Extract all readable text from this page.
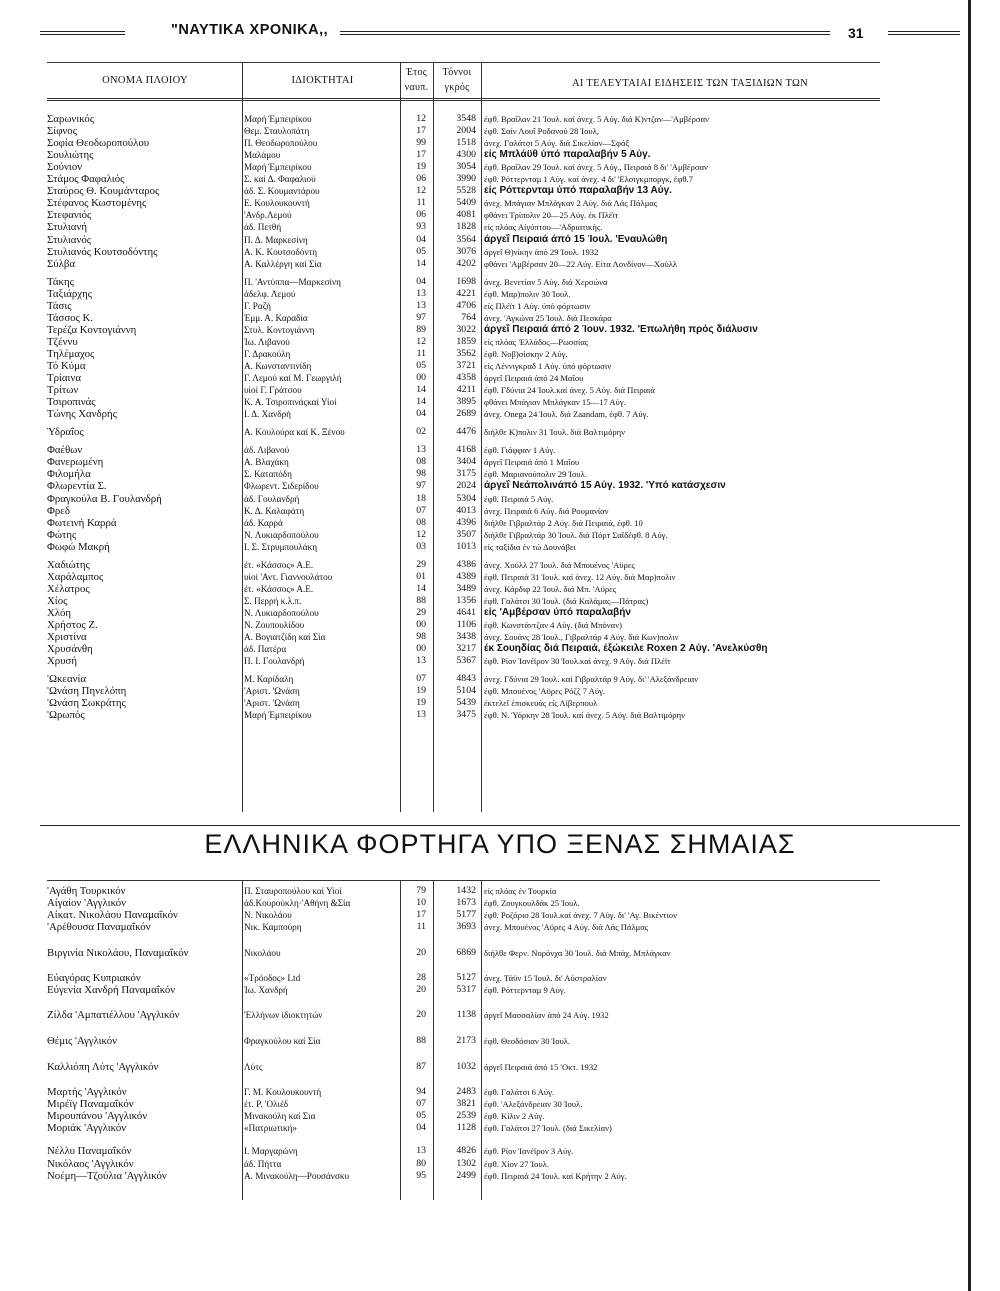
"ΝΑΥΤΙΚΑ ΧΡΟΝΙΚΑ,,	31
ΕΛΛΗΝΙΚΑ ΦΟΡΤΗΓΑ ΥΠΟ ΞΕΝΑΣ ΣΗΜΑΙΑΣ
ΟΝΟΜΑ ΠΛΟΙΟΥ	ΙΔΙΟΚΤΗΤΑΙ
Έτος
ναυπ.
Τόννοι
γκρός	ΑΙ ΤΕΛΕΥΤΑΙΑΙ ΕΙΔΗΣΕΙΣ ΤΩΝ ΤΑΞΙΔΙΩΝ ΤΩΝ
Σαρωνικός	Μαρή Έμπειρίκου	12	3548 έφθ. Βραΐλαν 21 Ίουλ. καί άνεχ. 5 Αύγ. διά Κ)ντζαν—'Αμβέρσαν
Σίφνος	Θεμ. Σταυλοπάτη	17	2004 έφθ. Σαίν Λουΐ Ροδανού 28 Ίουλ,
Σοφία Θεοδωροπούλου	Π. Θεοδωροπούλου	99	1518 άνεχ. Γαλάτσι 5 Αύγ. διά Σικελίαν—Σφάξ
Σουλιώτης	Μαλάμου	17	4300 είς Μπλάϋθ ύπό παραλαβήν 5 Αύγ.
Σούνιον	Μαρή Έμπειρίκου	19	3054 έφθ. Βραΐλαν 29 Ίουλ. καί άνεχ. 5 Αύγ., Πειραιά 8 δι' 'Αμβέρσαν
Στάμος Φαφαλιός	Σ. καί Δ. Φαφαλιού	06	3990 έφθ. Ρόττερνταμ 1 Αύγ. καί άνεχ. 4 δι' 'Ελσιγκμποργκ, έφθ.7
Σταύρος Θ. Κουμάνταρος	άδ. Σ. Κουμαντάρου	12	5528 είς Ρόττερνταμ ύπό παραλαβήν 13 Αύγ.
Στέφανος Κωστομένης	Ε. Κουλουκουντή	11	5409 άνεχ. Μπάγιαν Μπλάγκαν 2 Αύγ. διά Λάς Πάλμας
Στεφανιός	'Ανδρ.Λεμού	06	4081 φθάνει Τρίπολιν 20—25 Αύγ. έκ Πλέϊτ
Στυλιανή	άδ. Πετθή	93	1828 είς πλόας Αίγύπτου—'Αδριατικής.
Στυλιανός	Π. Δ. Μαρκεσίνη	04	3564 άργεΐ Πειραιά άπό 15 Ίουλ. 'Εναυλώθη
Στυλιανός Κουτσοδόντης	Α. Κ. Κουτσοδόντη	05	3076 άργεΐ Θ)νίκην άπό 29 Ίουλ. 1932
Σύλβα	Α. Καλλέργη καί Σία	14	4202 φθάνει 'Αμβέρσαν 20—22 Αύγ. Είτα Λονδίνον—Χούλλ
Τάκης	Π. 'Αντύππα—Μαρκεσίνη	04	1698 άνεχ. Βενετίαν 5 Αύγ. διά Χερσώνα
Ταξιάρχης	άδελφ. Λεμού	13	4221 έφθ. Μαρ)πολιν 30 Ίουλ.
Τάσις	Γ. Ραζή	13	4706 είς Πλέϊτ 1 Αύγ. ύπό φόρτωσιν
Τάσσος Κ.	Έμμ. Α. Καραδία	97	764 άνεχ. 'Αγκώνα 25 Ίουλ. διά Πεσκάρα
Τερέζα Κοντογιάννη	Στυλ. Κοντογιάννη	89	3022 άργεΐ Πειραιά άπό 2 Ίουν. 1932. 'Επωλήθη πρός διάλυσιν
Τζέννυ	Ίω. Λιβανού	12	1859 είς πλόας 'Ελλάδος—Ρωσσίας
Τηλέμαχος	Γ. Δρακούλη	11	3562 έφθ. Νοβ)σίσκην 2 Αύγ.
Τό Κύμα	Α. Κωνσταντινίδη	05	3721 είς Λέννιγκραδ 1 Αύγ. ύπό φόρτωσιν
Τρίαινα	Γ. Λεμού καί Μ. Γεωργιλή	00	4358 άργεΐ Πειραιά άπό 24 Μαΐου
Τρίτων	υίοί Γ. Γράτσου	14	4211 έφθ. Γδύνια 24 Ίουλ.καί άνεχ. 5 Αύγ. διά Πειραιά
Τσιροπινάς	Κ. Α. Τσιροπινάςκαί Υίοί	14	3895 φθάνει Μπάγιαν Μπλάγκαν 15—17 Αύγ.
Τώνης Χανδρής	Ι. Δ. Χανδρή	04	2689 άνεχ. Onega 24 Ίουλ. διά Zaandam, έφθ. 7 Αύγ.
Ύδραΐος	Α. Κουλούρα καί Κ. Ξένου	02	4476 διήλθε Κ)πολιν 31 Ίουλ. διά Βαλτιμόρην
Φαέθων	άδ. Λιβανού	13	4168 έφθ. Γιάφφαν 1 Αύγ.
Φανερωμένη	Α. Βλαχάκη	08	3404 άργεΐ Πειραιά άπό 1 Μαΐου
Φιλομήλα	Σ. Καταπόδη	98	3175 έφθ. Μαριανούπολιν 29 Ίουλ.
Φλωρεντία Σ.	Φλωρεντ. Σιδερίδου	97	2024 άργεΐ Νεάπολινάπό 15 Αύγ. 1932. 'Υπό κατάσχεσιν
Φραγκούλα Β. Γουλανδρή	άδ. Γουλανδρή	18	5304 έφθ. Πειραιά 5 Αύγ.
Φρεδ	Κ. Δ. Καλαφάτη	07	4013 άνεχ. Πειραιά 6 Αύγ. διά Ρουμανίαν
Φωτεινή Καρρά	άδ. Καρρά	08	4396 διήλθε Γιβραλτάρ 2 Αύγ. διά Πειραιά, έφθ. 10
Φώτης	Ν. Λυκιαρδοπούλου	12	3507 διήλθε Γιβραλτάρ 30 Ίουλ. διά Πόρτ Σαΐδέφθ. 8 Αύγ.
Φωφώ Μακρή	Ι. Σ. Στρυμπουλάκη	03	1013 είς ταξίδια έν τώ Δουνάβει
Χαδιώτης	έτ. «Κάσσος» Α.Ε.	29	4386 άνεχ. Χούλλ 27 Ίουλ. διά Μπουένος 'Αϋρες
Χαράλαμπος	υίοί 'Αντ. Γιαννουλάτου	01	4389 έφθ. Πειραιά 31 Ίουλ. καί άνεχ. 12 Αύγ. διά Μαρ)πολιν
Χέλατρος	έτ. «Κάσσος» Α.Ε.	14	3489 άνεχ. Κάρδιφ 22 Ίουλ. διά Μπ. 'Αϋρες
Χίος	Σ. Περρή κ.λ.π.	88	1356 έφθ. Γαλάτσι 30 Ίουλ. (διά Καλάμας—Πάτρας)
Χλόη	Ν. Λυκιαρδοπούλου	29	4641 είς 'Αμβέρσαν ύπό παραλαβήν
Χρήστος Ζ.	Ν. Ζουπουλίδου	00	1106 έφθ. Κωνστάντζαν 4 Αύγ. (διά Μπόναν)
Χριστίνα	Α. Βογιατζίδη καί Σία	98	3438 άνεχ. Σουάνς 28 Ίουλ., Γιβραλτάρ 4 Αύγ. διά Κων)πολιν
Χρυσάνθη	άδ. Πατέρα	00	3217 έκ Σουηδίας διά Πειραιά, έξώκειλε Roxen 2 Αύγ. 'Ανελκύσθη
Χρυσή	Π. Ι. Γουλανδρή	13	5367 έφθ. Ρίον Ίανέϊρον 30 Ίουλ.καί άνεχ. 9 Αύγ. διά Πλέϊτ
'Ωκεανία	Μ. Καρίδαλη	07	4843 άνεχ. Γδύνια 29 Ίουλ. καί Γιβραλτάρ 9 Αύγ. δι' 'Αλεξάνδρειαν
'Ωνάση Πηνελόπη	'Αριστ. 'Ωνάση	19	5104 έφθ. Μπουένος 'Αϋρες Ρόζζ 7 Αύγ.
'Ωνάση Σωκράτης	'Αριστ. 'Ωνάση	19	5439 έκτελεΐ έπισκευάς είς Λίβερπουλ
'Ωρωπός	Μαρή Έμπειρίκου	13	3475 έφθ. Ν. Ύόρκην 28 Ίουλ. καί άνεχ. 5 Αύγ. διά Βαλτιμόρην
'Αγάθη Τουρκικόν	Π. Σταυροπούλου καί Υίοί	79	1432 είς πλόας έν Τουρκία
Αίγαίον 'Αγγλικόν	άδ.Κουρούκλη·'Αθήνη &Σία	10	1673 έφθ. Ζουγκουλδάκ 25 Ίουλ.
Αίκατ. Νικολάου Παναμαΐκόν	Ν. Νικολάου	17	5177 έφθ. Ροζάριο 28 Ίουλ.καί άνεχ. 7 Αύγ. δι' 'Αγ. Βικέντιον
'Αρέθουσα Παναμαΐκόν	Νικ. Καμπούρη	11	3693 άνεχ. Μπουένος 'Αϋρες 4 Αύγ. διά Λάς Πάλμας
Βιργινία Νικολάου, Παναμαΐκόν	Νικολάου	20	6869 διήλθε Φερν. Νορόνχα 30 Ίουλ. διά Μπάχ. Μπλάγκαν
Εύαγόρας Κυπριακόν	«Τρόοδος» Ltd	28	5127 άνεχ. Τάϋν 15 Ίουλ. δι' Αύστραλίαν
Εύγενία Χανδρή Παναμαΐκόν	Ίω. Χανδρή	20	5317 έφθ. Ρόττερνταμ 9 Αύγ.
Ζίλδα 'Αμπατιέλλου 'Αγγλικόν	'Ελλήνων ίδιοκτητών	20	1138 άργεΐ Μασσαλίαν άπό 24 Αύγ. 1932
Θέμις 'Αγγλικόν	Φραγκούλου καί Σία	88	2173 έφθ. Θεοδόσιαν 30 Ίουλ.
Καλλιόπη Λύτς 'Αγγλικόν	Λύτς	87	1032 άργεΐ Πειραιά άπό 15 'Οκτ. 1932
Μαρτής 'Αγγλικόν	Γ. Μ. Κουλουκουντή	94	2483 έφθ. Γαλάτσι 6 Αύγ.
Μιρέϊγ Παναμαΐκόν	έτ. Ρ. 'Ολιέδ	07	3821 έφθ. 'Αλεξάνδρειαν 30 Ίουλ.
Μιρουπάνου 'Αγγλικόν	Μινακούλη καί Σια	05	2539 έφθ. Κίλιν 2 Αύγ.
Μοριάκ 'Αγγλικόν	«Πατριωτική»	04	1128 έφθ. Γαλάτσι 27 Ίουλ. (διά Σικελίαν)
Νέλλυ Παναμαΐκόν	Ι. Μαργαρώνη	13	4826 έφθ. Ρίον Ίανέϊρον 3 Αύγ.
Νικόλαος 'Αγγλικόν	άδ. Πήττα	80	1302 έφθ. Χίον 27 Ίουλ.
Νοέμη—Τζούλια 'Αγγλικόν	Α. Μινακούλη—Ρουσάνσκυ	95	2499 έφθ. Πειραιά 24 Ίουλ. καί Κρήτην 2 Αύγ.
